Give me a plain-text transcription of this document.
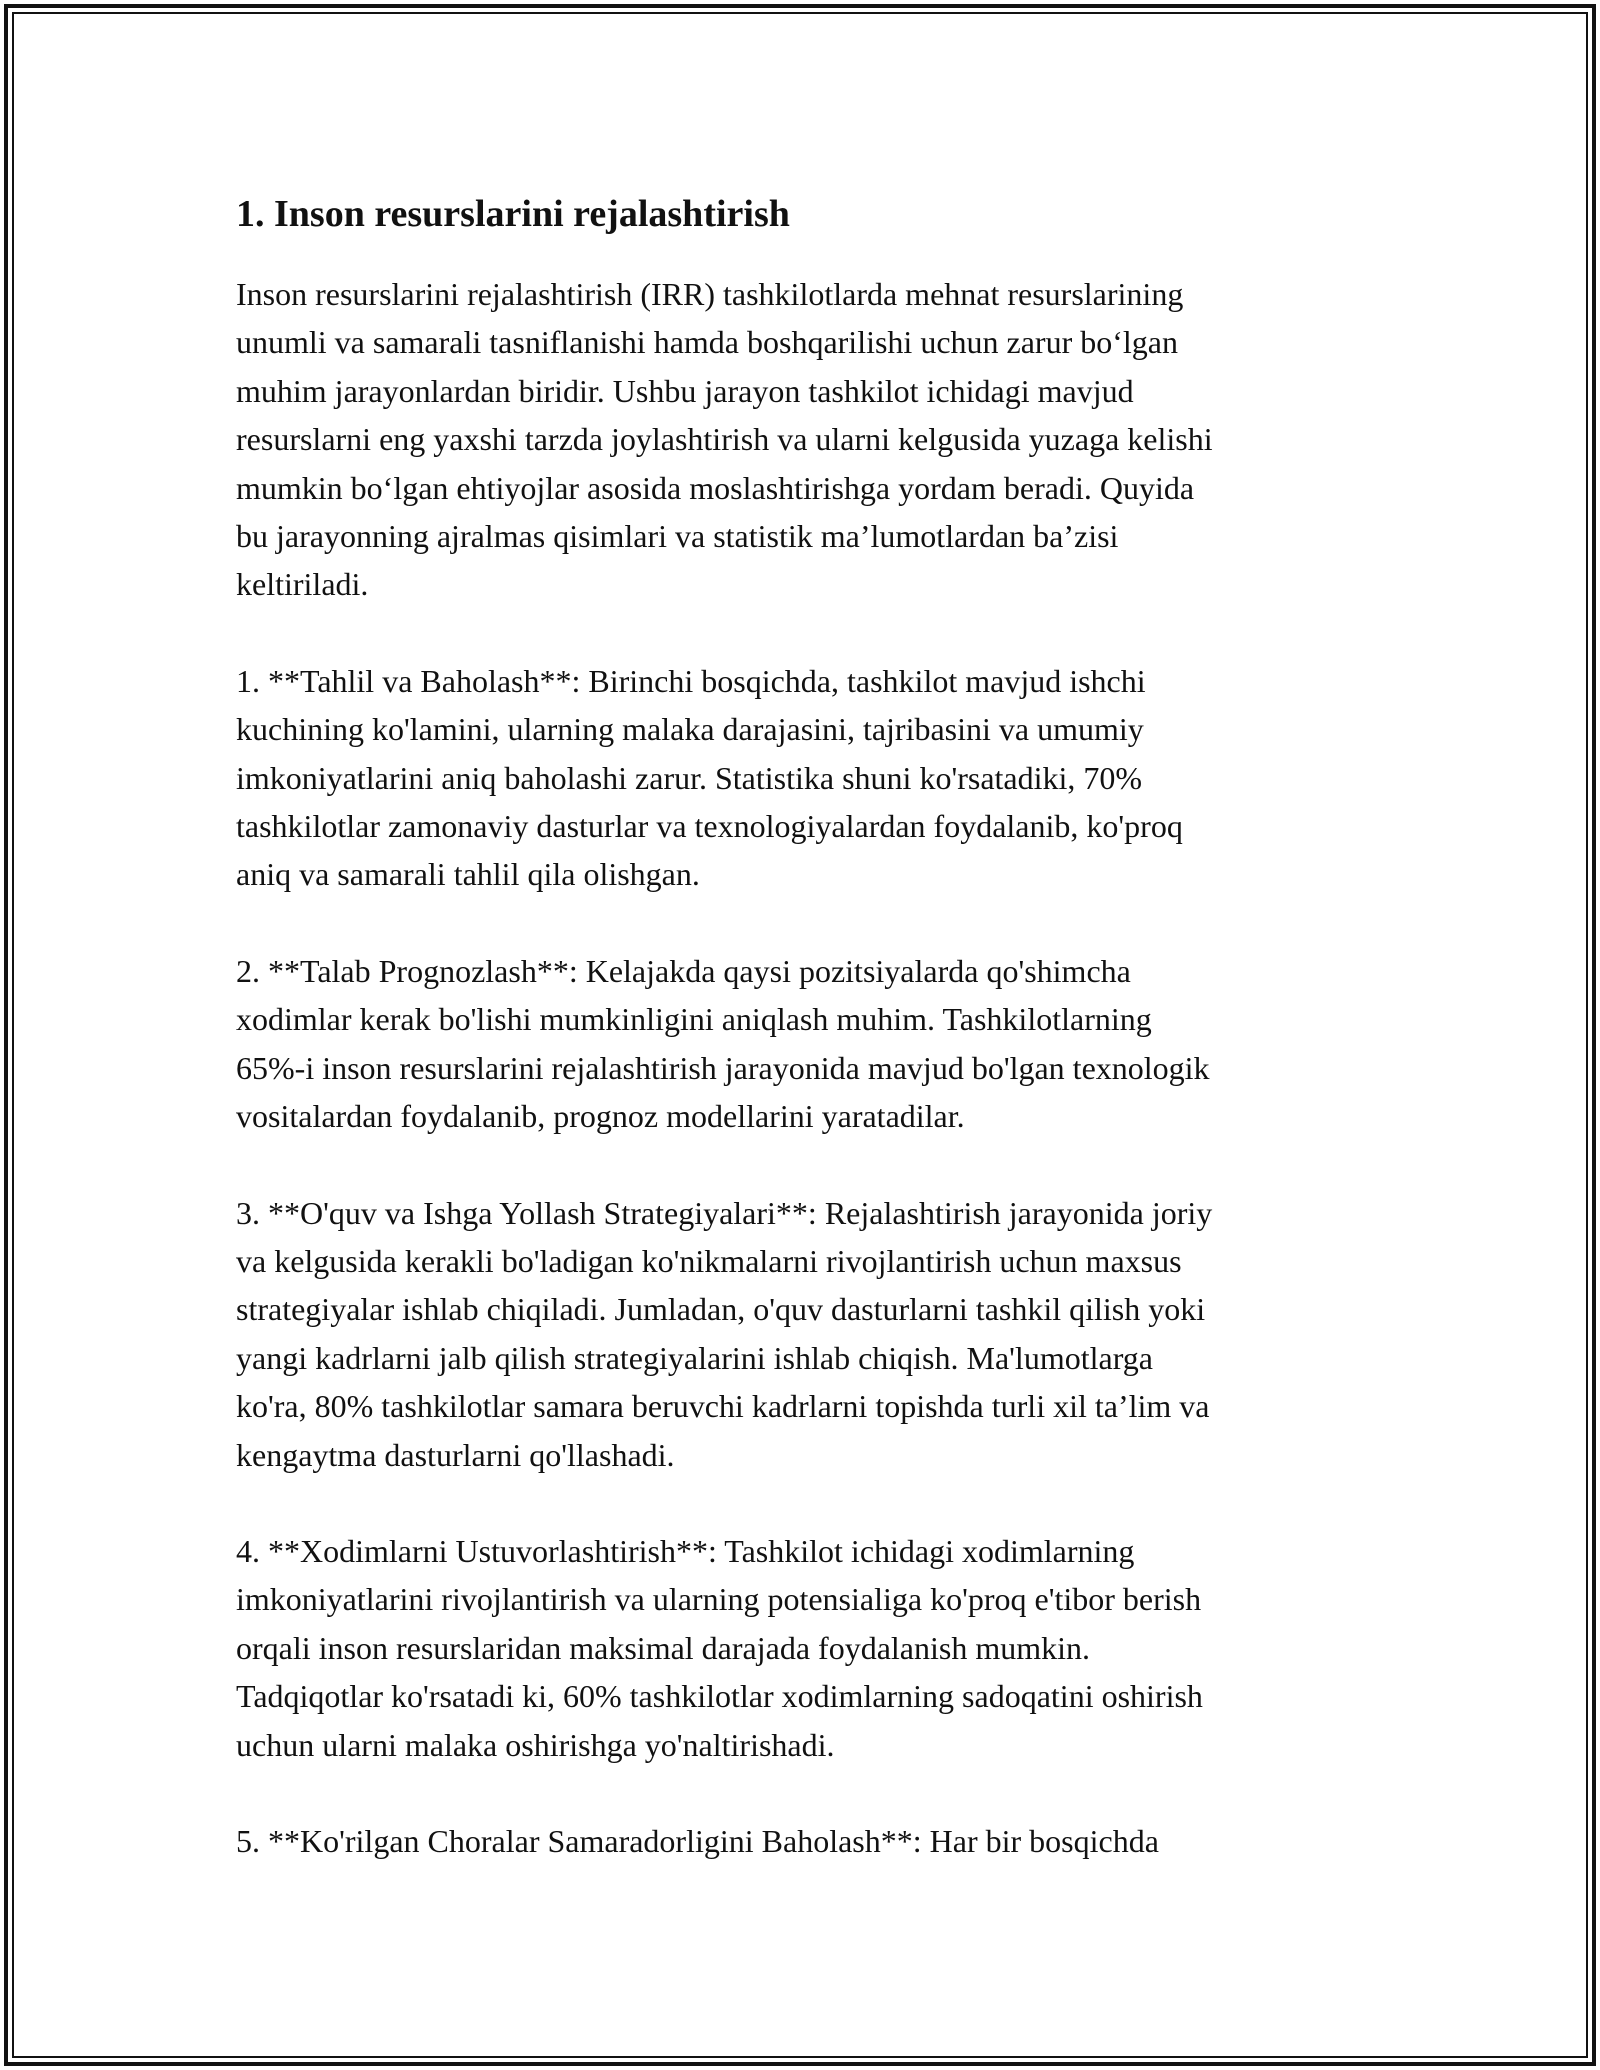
1. Inson resurslarini rejalashtirish

Inson resurslarini rejalashtirish (IRR) tashkilotlarda mehnat resurslarining
unumli va samarali tasniflanishi hamda boshqarilishi uchun zarur bo‘lgan
muhim jarayonlardan biridir. Ushbu jarayon tashkilot ichidagi mavjud
resurslarni eng yaxshi tarzda joylashtirish va ularni kelgusida yuzaga kelishi
mumkin bo‘lgan ehtiyojlar asosida moslashtirishga yordam beradi. Quyida
bu jarayonning ajralmas qisimlari va statistik ma’lumotlardan ba’zisi
keltiriladi.

1. **Tahlil va Baholash**: Birinchi bosqichda, tashkilot mavjud ishchi
kuchining ko'lamini, ularning malaka darajasini, tajribasini va umumiy
imkoniyatlarini aniq baholashi zarur. Statistika shuni ko'rsatadiki, 70%
tashkilotlar zamonaviy dasturlar va texnologiyalardan foydalanib, ko'proq
aniq va samarali tahlil qila olishgan.

2. **Talab Prognozlash**: Kelajakda qaysi pozitsiyalarda qo'shimcha
xodimlar kerak bo'lishi mumkinligini aniqlash muhim. Tashkilotlarning
65%-i inson resurslarini rejalashtirish jarayonida mavjud bo'lgan texnologik
vositalardan foydalanib, prognoz modellarini yaratadilar.

3. **O'quv va Ishga Yollash Strategiyalari**: Rejalashtirish jarayonida joriy
va kelgusida kerakli bo'ladigan ko'nikmalarni rivojlantirish uchun maxsus
strategiyalar ishlab chiqiladi. Jumladan, o'quv dasturlarni tashkil qilish yoki
yangi kadrlarni jalb qilish strategiyalarini ishlab chiqish. Ma'lumotlarga
ko'ra, 80% tashkilotlar samara beruvchi kadrlarni topishda turli xil ta’lim va
kengaytma dasturlarni qo'llashadi.

4. **Xodimlarni Ustuvorlashtirish**: Tashkilot ichidagi xodimlarning
imkoniyatlarini rivojlantirish va ularning potensialiga ko'proq e'tibor berish
orqali inson resurslaridan maksimal darajada foydalanish mumkin.
Tadqiqotlar ko'rsatadi ki, 60% tashkilotlar xodimlarning sadoqatini oshirish
uchun ularni malaka oshirishga yo'naltirishadi.

5. **Ko'rilgan Choralar Samaradorligini Baholash**: Har bir bosqichda
